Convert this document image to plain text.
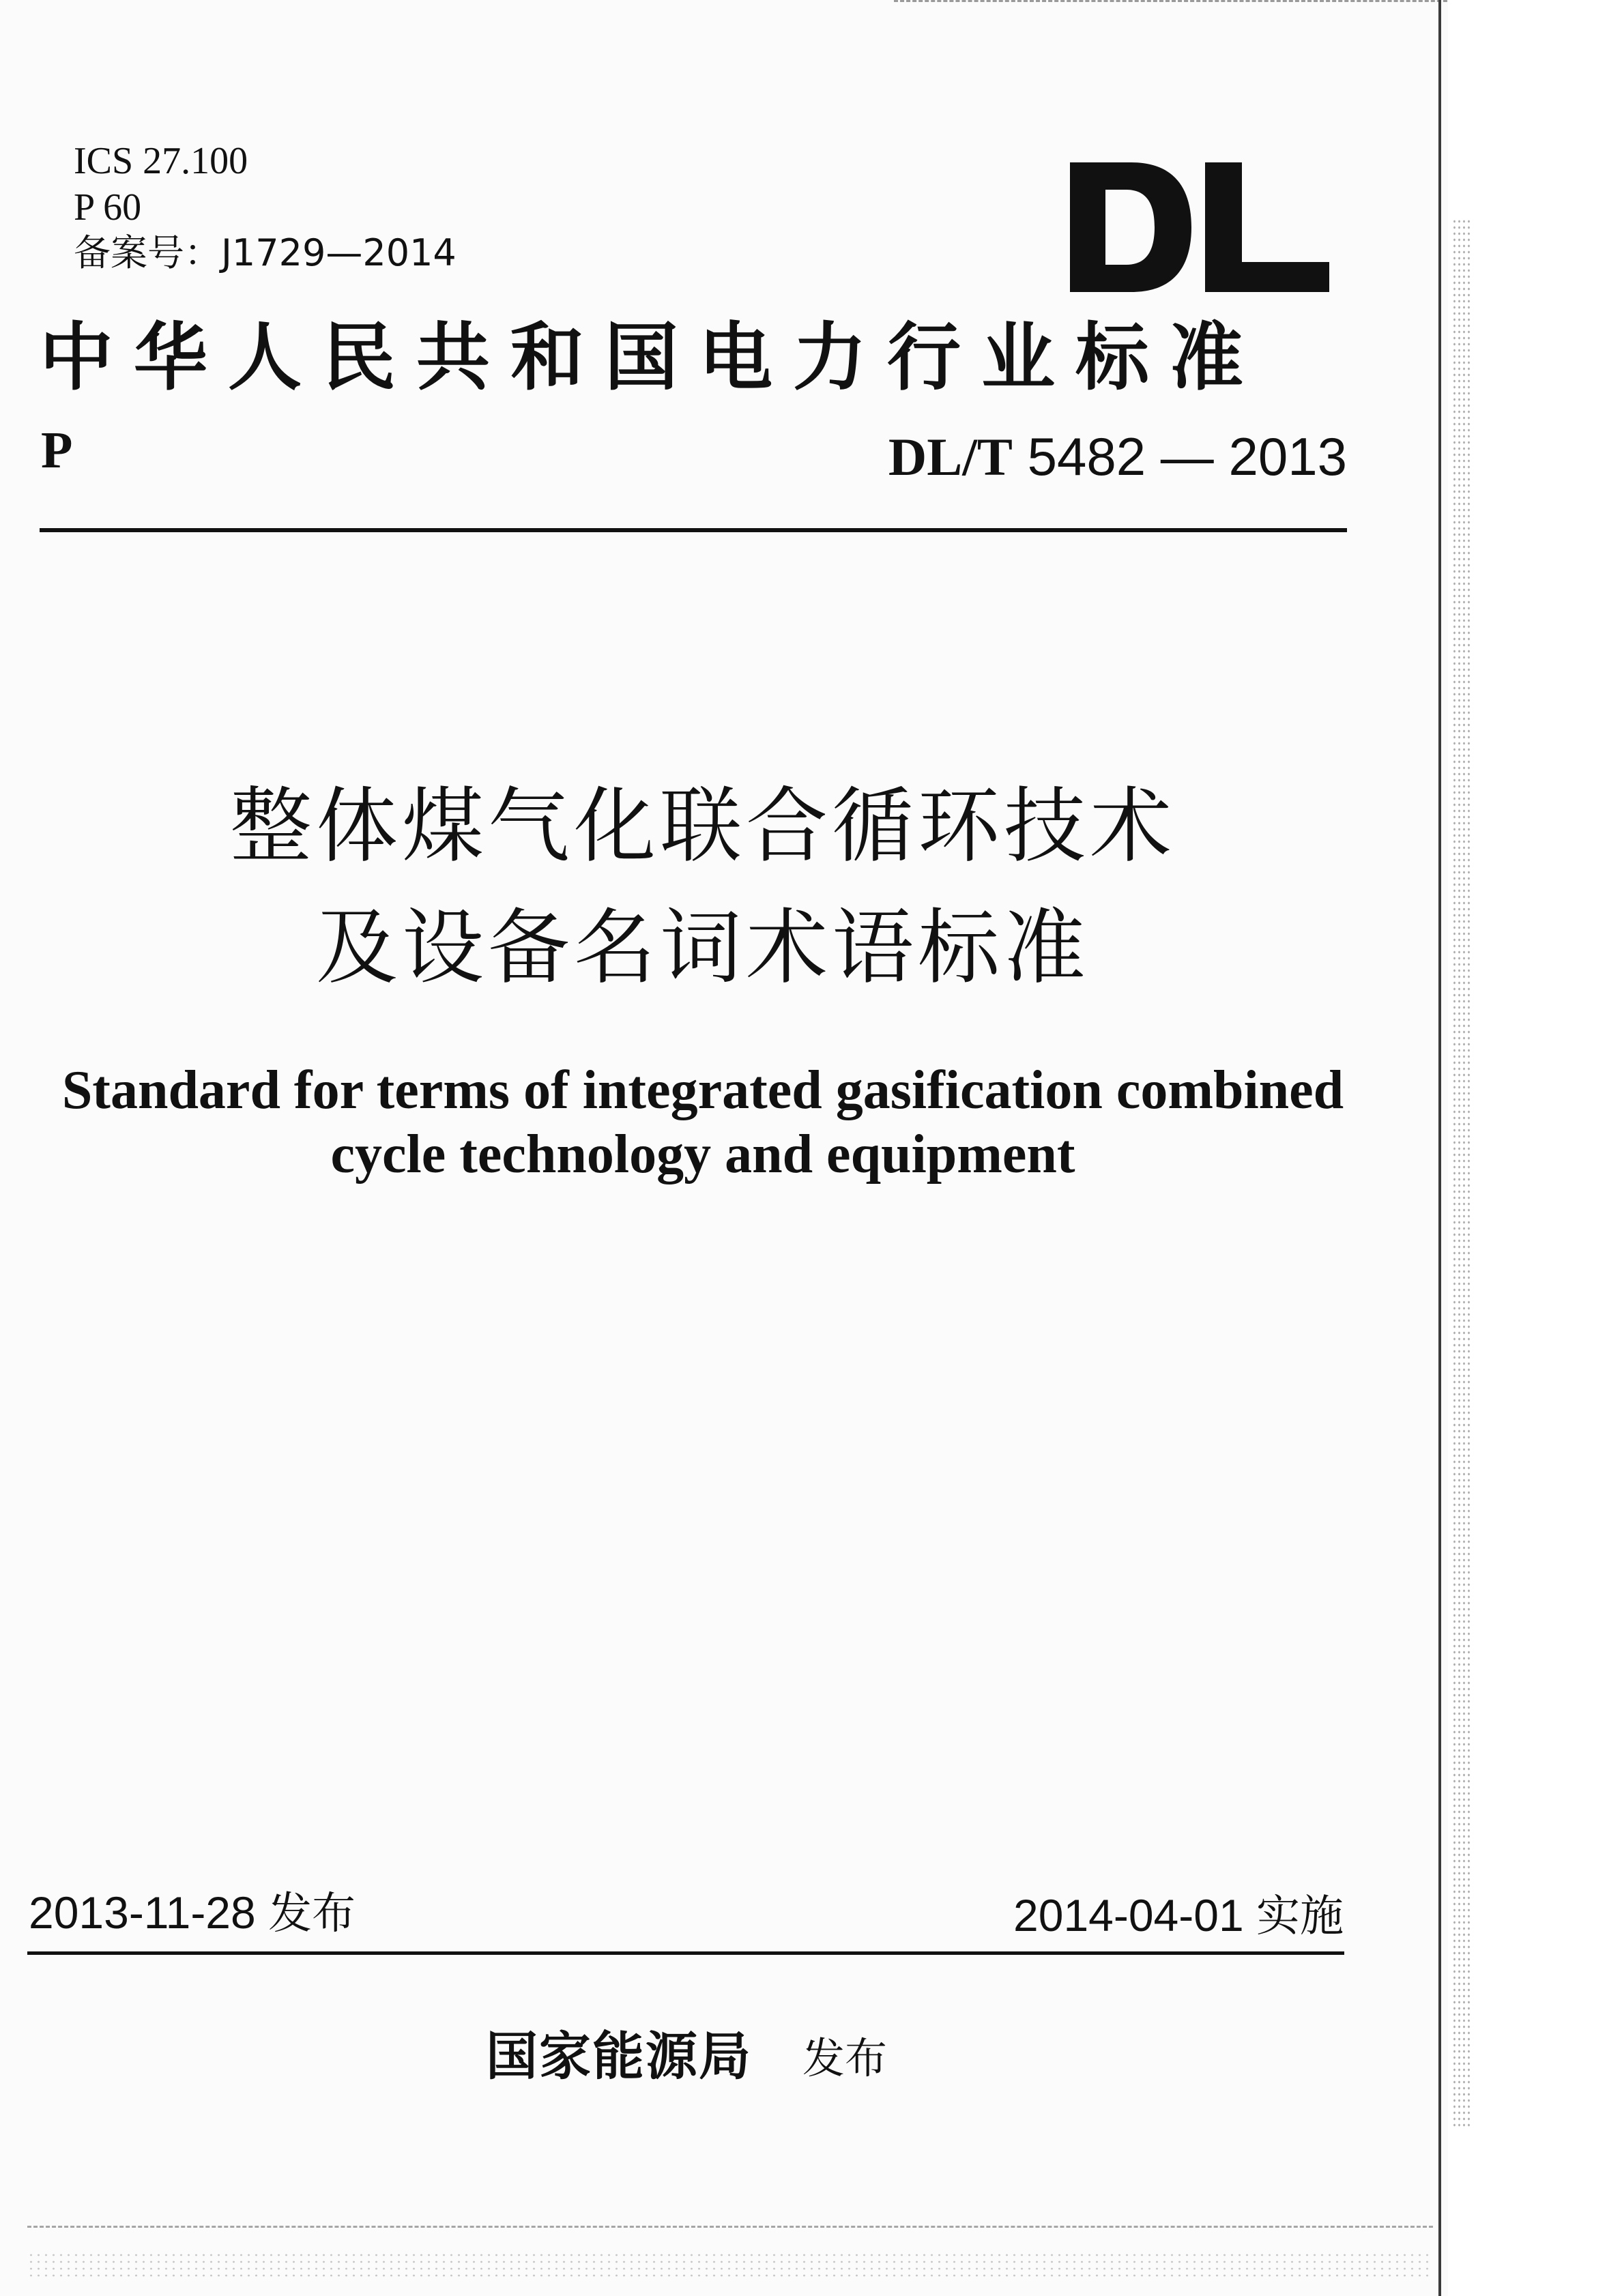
ICS 27.100
P 60
备案号：J1729—2014
中华人民共和国电力行业标准
P	DL/T 5482 — 2013
整体煤气化联合循环技术
及设备名词术语标准
Standard for terms of integrated gasification combined
cycle technology and equipment
2013-11-28 发布	2014-04-01 实施
国家能源局 发布
